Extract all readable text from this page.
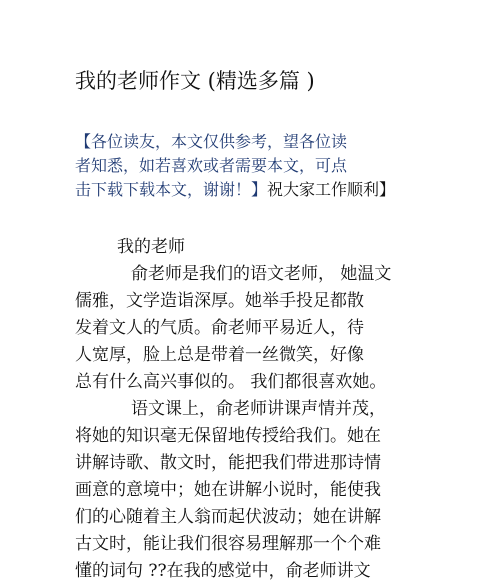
我的老师作文 (精选多篇 )
【各位读友，本文仅供参考，望各位读
者知悉，如若喜欢或者需要本文，可点
击下载下载本文，谢谢！】祝大家工作顺利】
我的老师
俞老师是我们的语文老师， 她温文
儒雅，文学造诣深厚。她举手投足都散
发着文人的气质。俞老师平易近人，待
人宽厚，脸上总是带着一丝微笑，好像
总有什么高兴事似的。 我们都很喜欢她。
语文课上，俞老师讲课声情并茂，
将她的知识毫无保留地传授给我们。她在
讲解诗歌、散文时，能把我们带进那诗情
画意的意境中；她在讲解小说时，能使我
们的心随着主人翁而起伏波动；她在讲解
古文时，能让我们很容易理解那一个个难
懂的词句 ??在我的感觉中，俞老师讲文
